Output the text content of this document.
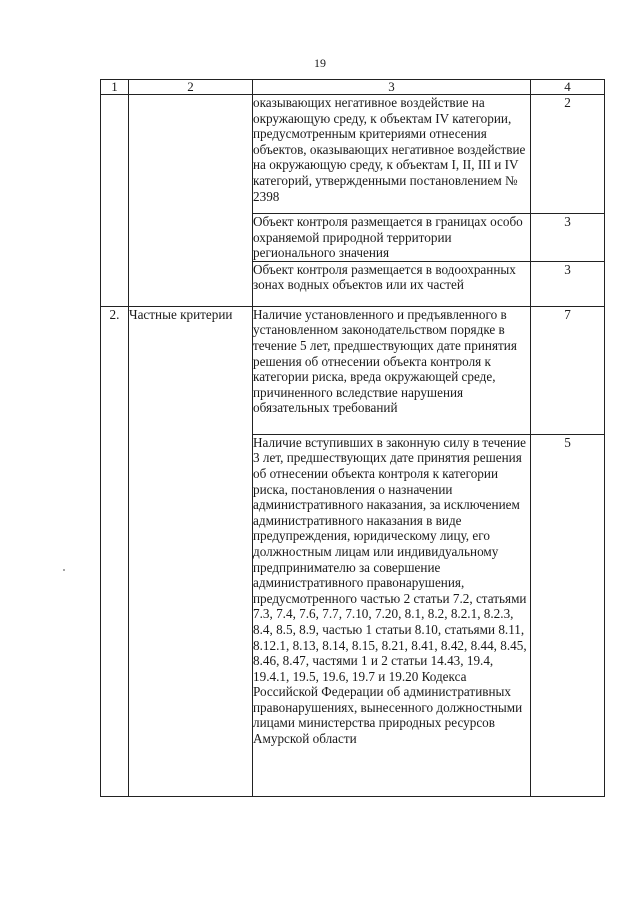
19
1	2	3	4
		оказывающих негативное воздействие на окружающую среду, к объектам IV категории, предусмотренным критериями отнесения объектов, оказывающих негативное воздействие на окружающую среду, к объектам I, II, III и IV категорий, утвержденными постановлением № 2398	2
		Объект контроля размещается в границах особо охраняемой природной территории регионального значения	3
		Объект контроля размещается в водоохранных зонах водных объектов или их частей	3
2.	Частные критерии	Наличие установленного и предъявленного в установленном законодательством порядке в течение 5 лет, предшествующих дате принятия решения об отнесении объекта контроля к категории риска, вреда окружающей среде, причиненного вследствие нарушения обязательных требований	7
		Наличие вступивших в законную силу в течение 3 лет, предшествующих дате принятия решения об отнесении объекта контроля к категории риска, постановления о назначении административного наказания, за исключением административного наказания в виде предупреждения, юридическому лицу, его должностным лицам или индивидуальному предпринимателю за совершение административного правонарушения, предусмотренного частью 2 статьи 7.2, статьями 7.3, 7.4, 7.6, 7.7, 7.10, 7.20, 8.1, 8.2, 8.2.1, 8.2.3, 8.4, 8.5, 8.9, частью 1 статьи 8.10, статьями 8.11, 8.12.1, 8.13, 8.14, 8.15, 8.21, 8.41, 8.42, 8.44, 8.45, 8.46, 8.47, частями 1 и 2 статьи 14.43, 19.4, 19.4.1, 19.5, 19.6, 19.7 и 19.20 Кодекса Российской Федерации об административных правонарушениях, вынесенного должностными лицами министерства природных ресурсов Амурской области	5
